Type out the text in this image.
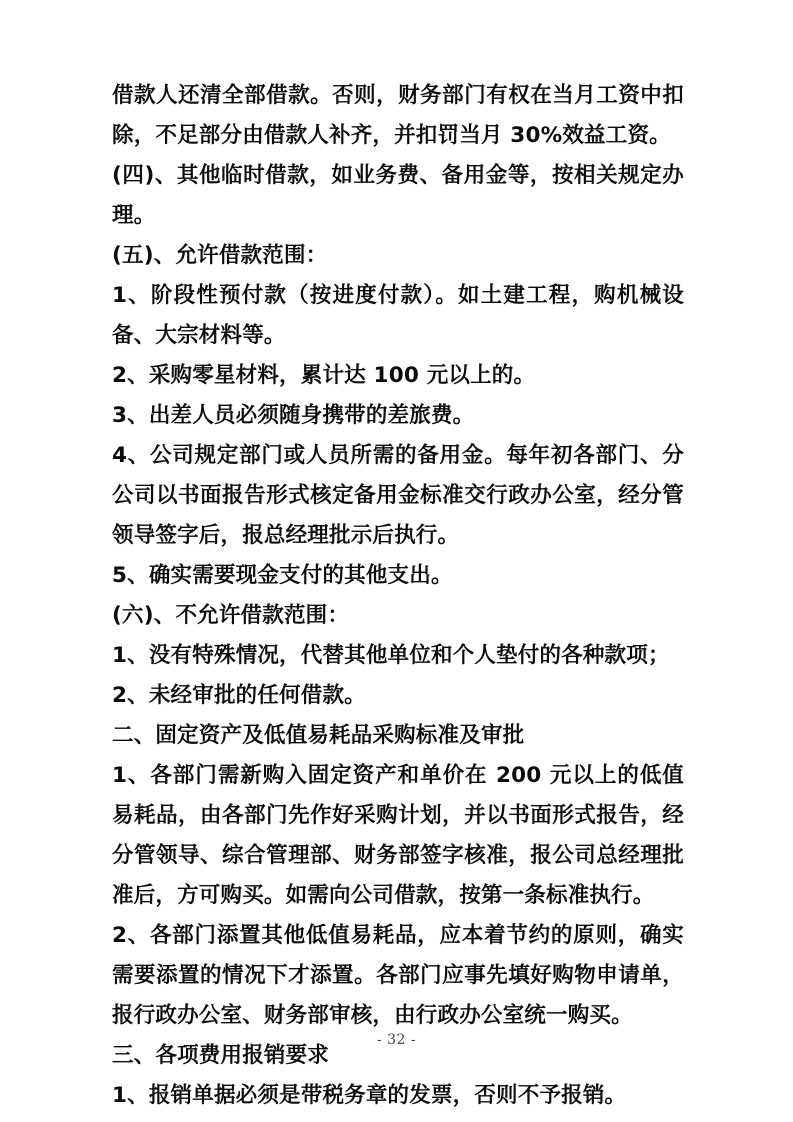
借款人还清全部借款。否则，财务部门有权在当月工资中扣除，不足部分由借款人补齐，并扣罚当月 30%效益工资。

(四)、其他临时借款，如业务费、备用金等，按相关规定办理。

(五)、允许借款范围：

1、阶段性预付款（按进度付款）。如土建工程，购机械设备、大宗材料等。

2、采购零星材料，累计达 100 元以上的。

3、出差人员必须随身携带的差旅费。

4、公司规定部门或人员所需的备用金。每年初各部门、分公司以书面报告形式核定备用金标准交行政办公室，经分管领导签字后，报总经理批示后执行。

5、确实需要现金支付的其他支出。

(六)、不允许借款范围：

1、没有特殊情况，代替其他单位和个人垫付的各种款项；

2、未经审批的任何借款。

二、固定资产及低值易耗品采购标准及审批

1、各部门需新购入固定资产和单价在 200 元以上的低值易耗品，由各部门先作好采购计划，并以书面形式报告，经分管领导、综合管理部、财务部签字核准，报公司总经理批准后，方可购买。如需向公司借款，按第一条标准执行。

2、各部门添置其他低值易耗品，应本着节约的原则，确实需要添置的情况下才添置。各部门应事先填好购物申请单，报行政办公室、财务部审核，由行政办公室统一购买。

三、各项费用报销要求

1、报销单据必须是带税务章的发票，否则不予报销。

- 32 -
